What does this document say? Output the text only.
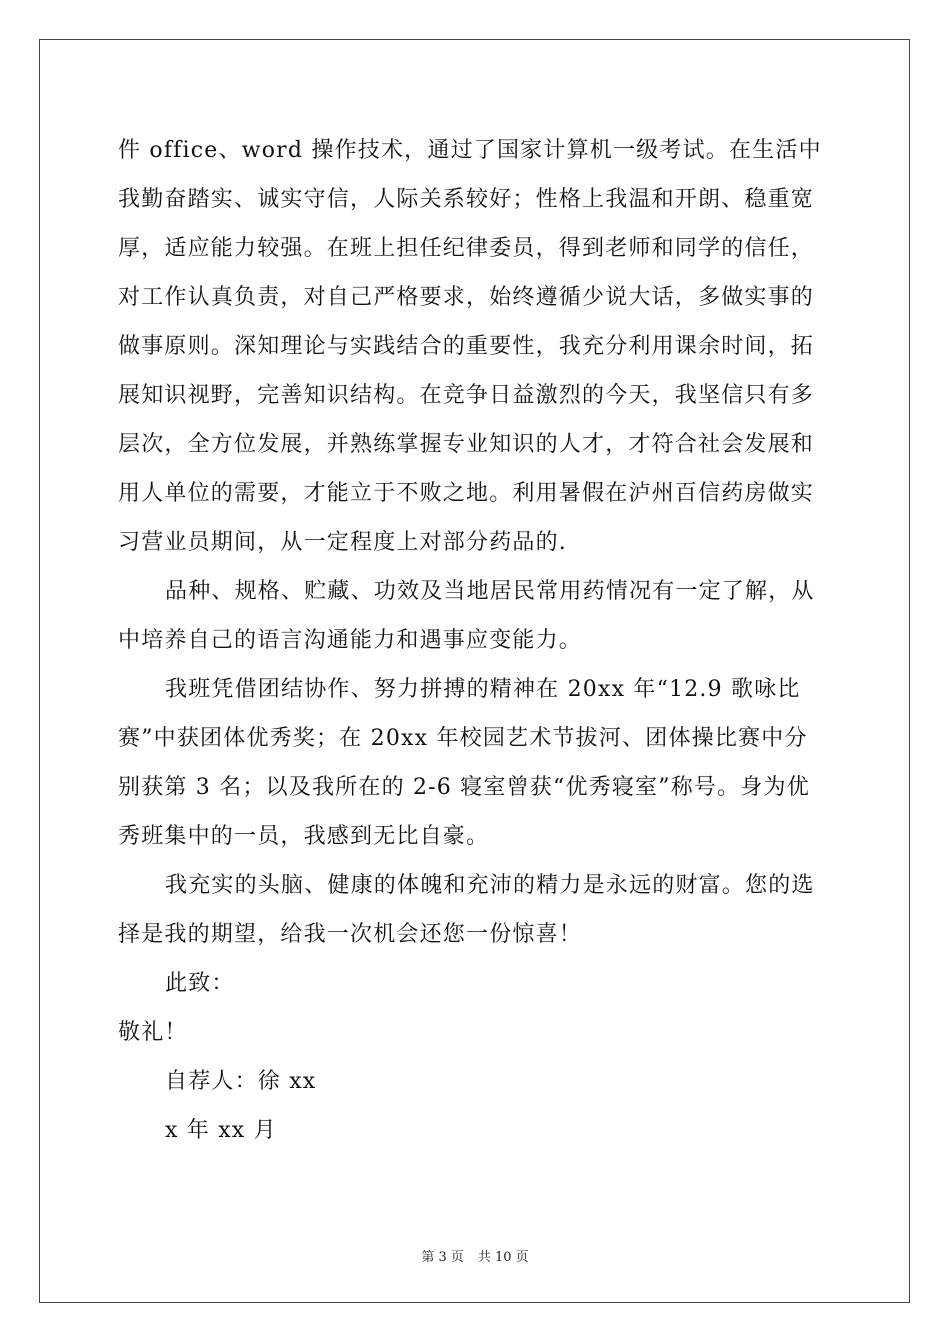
件 office、word 操作技术，通过了国家计算机一级考试。在生活中
我勤奋踏实、诚实守信，人际关系较好；性格上我温和开朗、稳重宽
厚，适应能力较强。在班上担任纪律委员，得到老师和同学的信任，
对工作认真负责，对自己严格要求，始终遵循少说大话，多做实事的
做事原则。深知理论与实践结合的重要性，我充分利用课余时间，拓
展知识视野，完善知识结构。在竞争日益激烈的今天，我坚信只有多
层次，全方位发展，并熟练掌握专业知识的人才，才符合社会发展和
用人单位的需要，才能立于不败之地。利用暑假在泸州百信药房做实
习营业员期间，从一定程度上对部分药品的.
品种、规格、贮藏、功效及当地居民常用药情况有一定了解，从
中培养自己的语言沟通能力和遇事应变能力。
我班凭借团结协作、努力拼搏的精神在 20xx 年“12.9 歌咏比
赛”中获团体优秀奖；在 20xx 年校园艺术节拔河、团体操比赛中分
别获第 3 名；以及我所在的 2-6 寝室曾获“优秀寝室”称号。身为优
秀班集中的一员，我感到无比自豪。
我充实的头脑、健康的体魄和充沛的精力是永远的财富。您的选
择是我的期望，给我一次机会还您一份惊喜！
此致：
敬礼！
自荐人：徐 xx
x 年 xx 月
第 3 页 共 10 页
